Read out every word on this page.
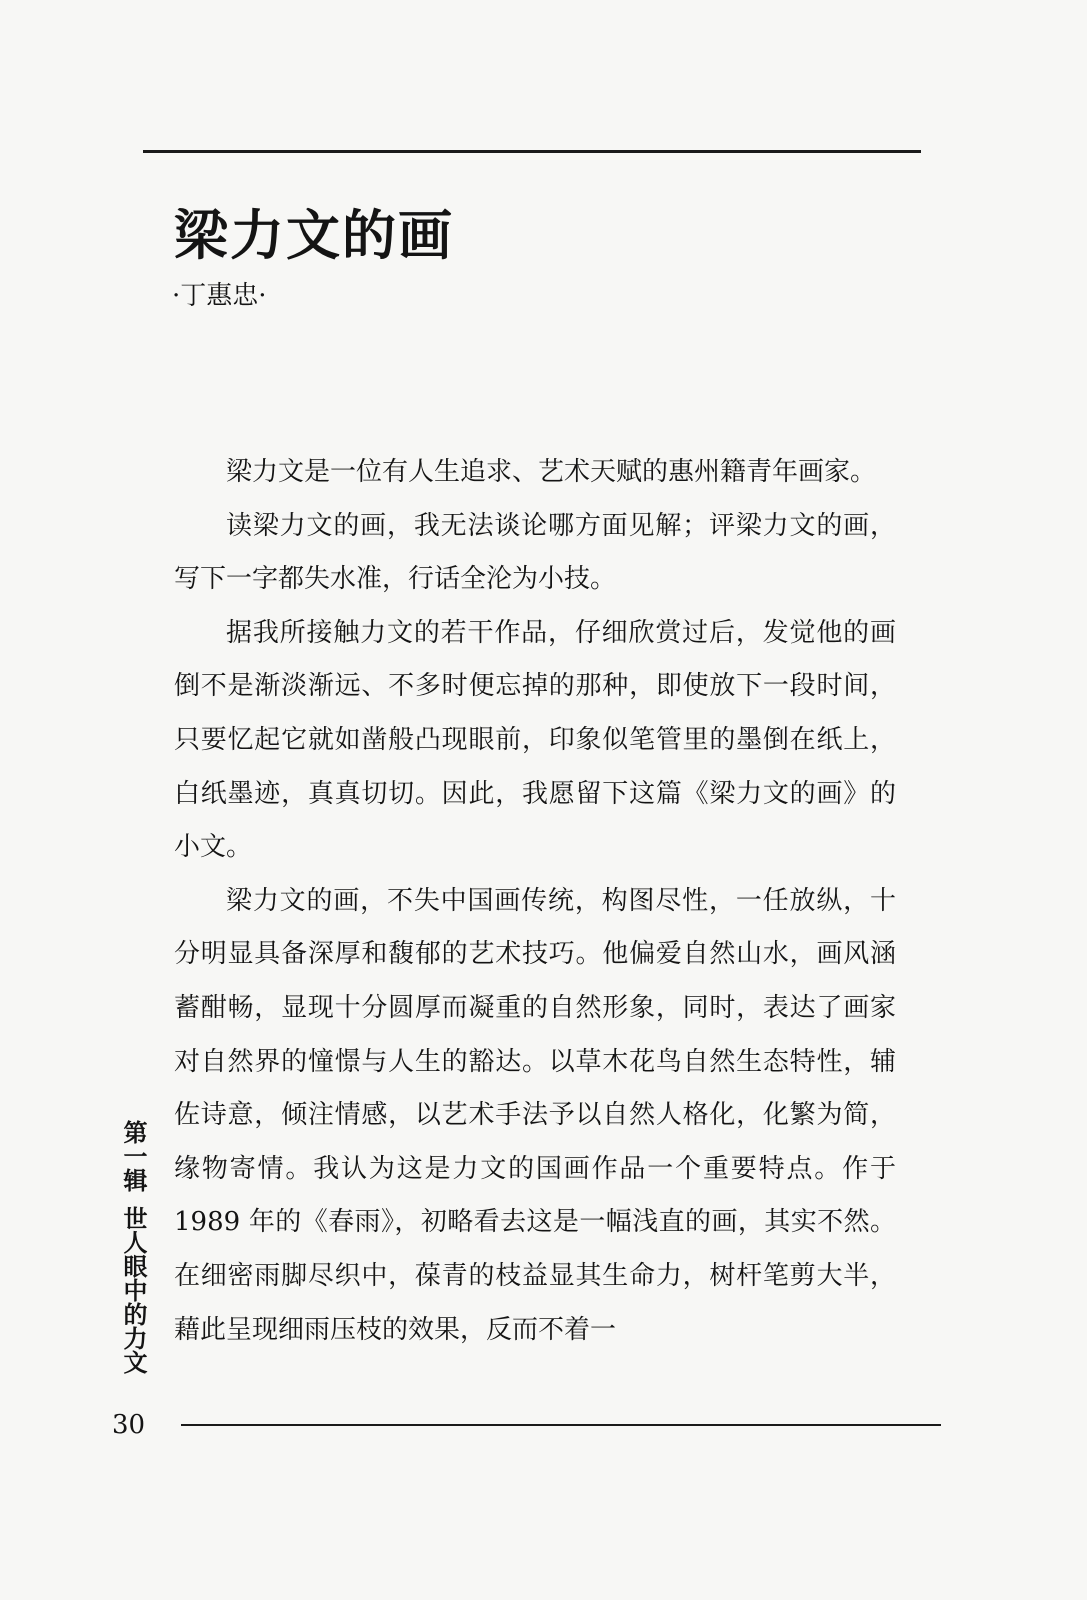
梁力文的画
·丁惠忠·

梁力文是一位有人生追求、艺术天赋的惠州籍青年画家。

读梁力文的画，我无法谈论哪方面见解；评梁力文的画，写下一字都失水准，行话全沦为小技。

据我所接触力文的若干作品，仔细欣赏过后，发觉他的画倒不是渐淡渐远、不多时便忘掉的那种，即使放下一段时间，只要忆起它就如凿般凸现眼前，印象似笔管里的墨倒在纸上，白纸墨迹，真真切切。因此，我愿留下这篇《梁力文的画》的小文。

梁力文的画，不失中国画传统，构图尽性，一任放纵，十分明显具备深厚和馥郁的艺术技巧。他偏爱自然山水，画风涵蓄酣畅，显现十分圆厚而凝重的自然形象，同时，表达了画家对自然界的憧憬与人生的豁达。以草木花鸟自然生态特性，辅佐诗意，倾注情感，以艺术手法予以自然人格化，化繁为简，缘物寄情。我认为这是力文的国画作品一个重要特点。作于 1989 年的《春雨》，初略看去这是一幅浅直的画，其实不然。在细密雨脚尽织中，葆青的枝益显其生命力，树杆笔剪大半，藉此呈现细雨压枝的效果，反而不着一

第一辑世人眼中的力文
30
